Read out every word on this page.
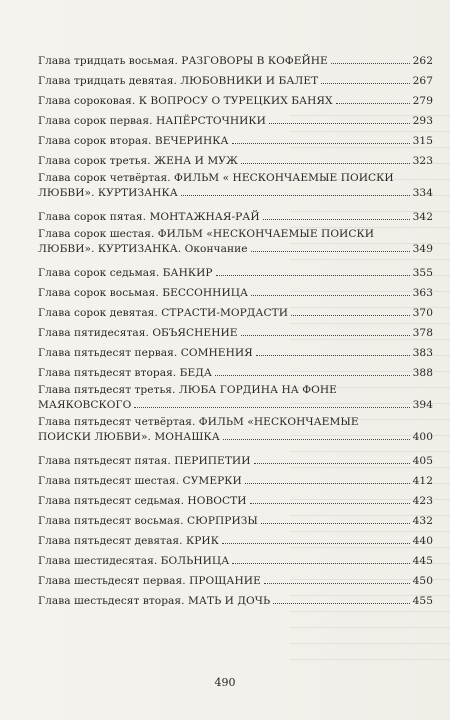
Глава тридцать восьмая. РАЗГОВОРЫ В КОФЕЙНЕ	262
Глава тридцать девятая. ЛЮБОВНИКИ И БАЛЕТ	267
Глава сороковая. К ВОПРОСУ О ТУРЕЦКИХ БАНЯХ	279
Глава сорок первая. НАПЁРСТОЧНИКИ	293
Глава сорок вторая. ВЕЧЕРИНКА	315
Глава сорок третья. ЖЕНА И МУЖ	323
Глава сорок четвёртая. ФИЛЬМ « НЕСКОНЧАЕМЫЕ ПОИСКИ
ЛЮБВИ». КУРТИЗАНКА	334
Глава сорок пятая. МОНТАЖНАЯ-РАЙ	342
Глава сорок шестая. ФИЛЬМ «НЕСКОНЧАЕМЫЕ ПОИСКИ
ЛЮБВИ». КУРТИЗАНКА. Окончание	349
Глава сорок седьмая. БАНКИР	355
Глава сорок восьмая. БЕССОННИЦА	363
Глава сорок девятая. СТРАСТИ-МОРДАСТИ	370
Глава пятидесятая. ОБЪЯСНЕНИЕ	378
Глава пятьдесят первая. СОМНЕНИЯ	383
Глава пятьдесят вторая. БЕДА	388
Глава пятьдесят третья. ЛЮБА ГОРДИНА НА ФОНЕ
МАЯКОВСКОГО	394
Глава пятьдесят четвёртая. ФИЛЬМ «НЕСКОНЧАЕМЫЕ
ПОИСКИ ЛЮБВИ». МОНАШКА	400
Глава пятьдесят пятая. ПЕРИПЕТИИ	405
Глава пятьдесят шестая. СУМЕРКИ	412
Глава пятьдесят седьмая. НОВОСТИ	423
Глава пятьдесят восьмая. СЮРПРИЗЫ	432
Глава пятьдесят девятая. КРИК	440
Глава шестидесятая. БОЛЬНИЦА	445
Глава шестьдесят первая. ПРОЩАНИЕ	450
Глава шестьдесят вторая. МАТЬ И ДОЧЬ	455
490
